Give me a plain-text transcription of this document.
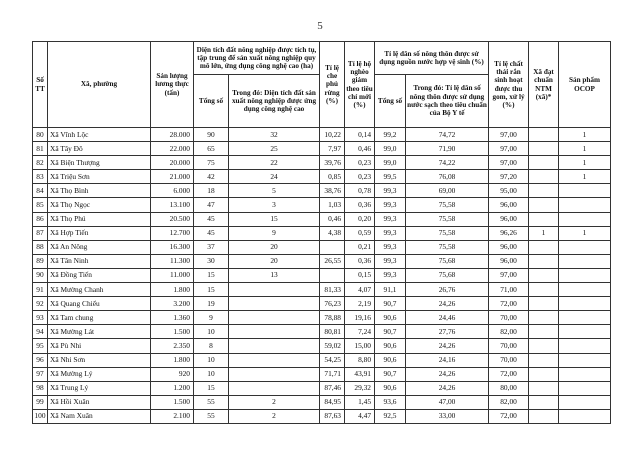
5
Số TT	Xã, phường	Sản lượng lương thực (tấn)	Diện tích đất nông nghiệp được tích tụ, tập trung để sản xuất nông nghiệp quy mô lớn, ứng dụng công nghệ cao (ha)		Tỉ lệ che phủ rừng (%)	Tỉ lệ hộ nghèo giảm theo tiêu chí mới (%)	Tỉ lệ dân số nông thôn được sử dụng nguồn nước hợp vệ sinh (%)		Tỉ lệ chất thải rắn sinh hoạt được thu gom, xử lý (%)	Xã đạt chuẩn NTM (xã)*	Sản phẩm OCOP
			Tổng số	Trong đó: Diện tích đất sản xuất nông nghiệp được ứng dụng công nghệ cao			Tổng số	Trong đó: Tỉ lệ dân số nông thôn được sử dụng nước sạch theo tiêu chuẩn của Bộ Y tế			
80	Xã Vĩnh Lộc	28.000	90	32	10,22	0,14	99,2	74,72	97,00		1
81	Xã Tây Đô	22.000	65	25	7,97	0,46	99,0	71,90	97,00		1
82	Xã Biện Thượng	20.000	75	22	39,76	0,23	99,0	74,22	97,00		1
83	Xã Triệu Sơn	21.000	42	24	0,85	0,23	99,5	76,08	97,20		1
84	Xã Thọ Bình	6.000	18	5	38,76	0,78	99,3	69,00	95,00		
85	Xã Thọ Ngọc	13.100	47	3	1,03	0,36	99,3	75,58	96,00		
86	Xã Thọ Phú	20.500	45	15	0,46	0,20	99,3	75,58	96,00		
87	Xã Hợp Tiến	12.700	45	9	4,38	0,59	99,3	75,58	96,26	1	1
88	Xã An Nông	16.300	37	20		0,21	99,3	75,58	96,00		
89	Xã Tân Ninh	11.300	30	20	26,55	0,36	99,3	75,68	96,00		
90	Xã Đồng Tiến	11.000	15	13		0,15	99,3	75,68	97,00		
91	Xã Mường Chanh	1.800	15		81,33	4,07	91,1	26,76	71,00		
92	Xã Quang Chiểu	3.200	19		76,23	2,19	90,7	24,26	72,00		
93	Xã Tam chung	1.360	9		78,88	19,16	90,6	24,46	70,00		
94	Xã Mường Lát	1.500	10		80,81	7,24	90,7	27,76	82,00		
95	Xã Pù Nhi	2.350	8		59,02	15,00	90,6	24,26	70,00		
96	Xã Nhi Sơn	1.800	10		54,25	8,80	90,6	24,16	70,00		
97	Xã Mường Lý	920	10		71,71	43,91	90,7	24,26	72,00		
98	Xã Trung Lý	1.200	15		87,46	29,32	90,6	24,26	80,00		
99	Xã Hồi Xuân	1.500	55	2	84,95	1,45	93,6	47,00	82,00		
100	Xã Nam Xuân	2.100	55	2	87,63	4,47	92,5	33,00	72,00		
